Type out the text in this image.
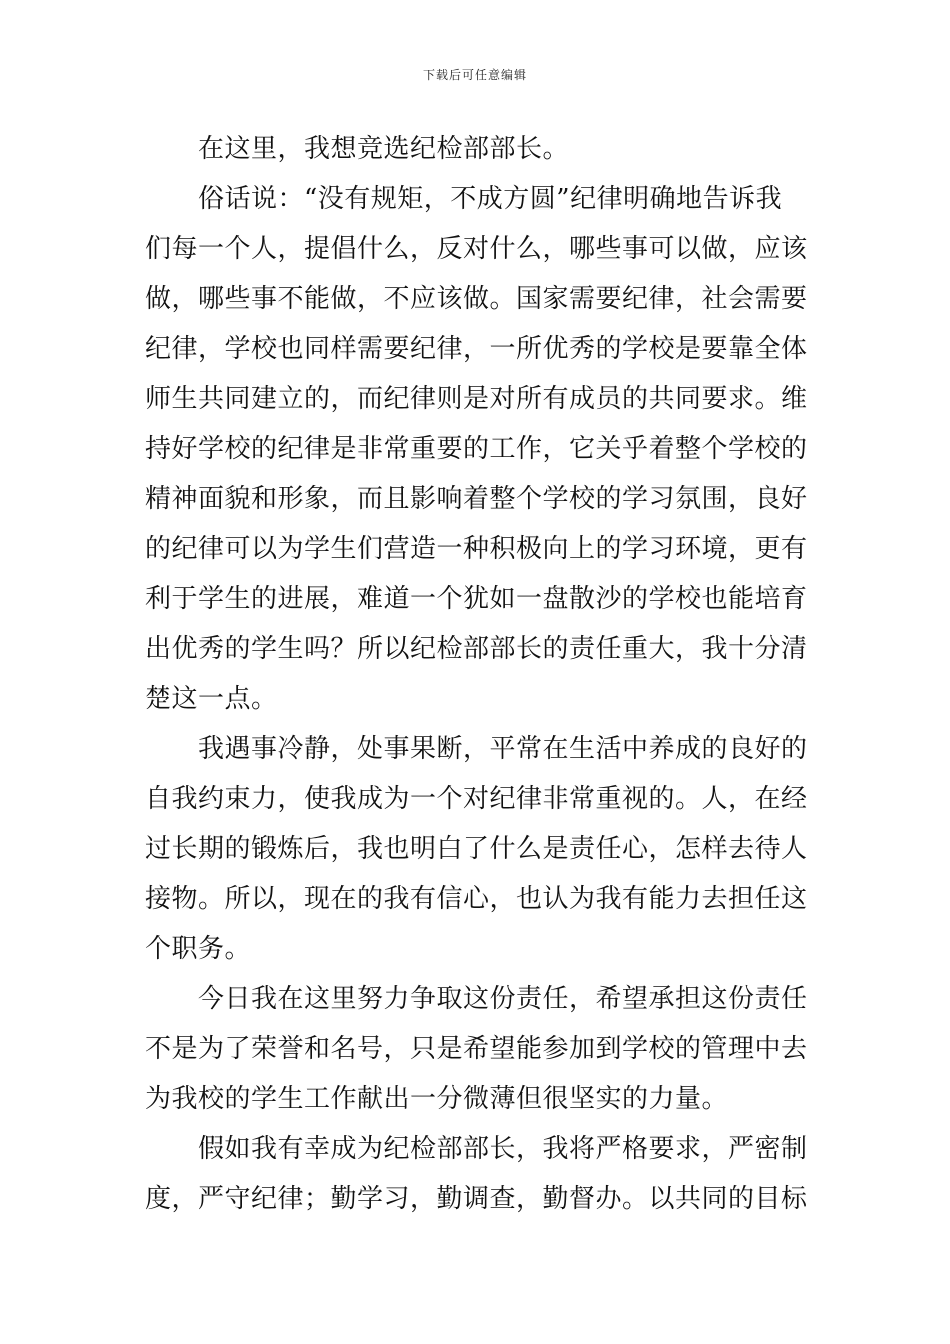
下载后可任意编辑
　　在这里，我想竞选纪检部部长。
　　俗话说：“没有规矩，不成方圆”纪律明确地告诉我
们每一个人，提倡什么，反对什么，哪些事可以做，应该
做，哪些事不能做，不应该做。国家需要纪律，社会需要
纪律，学校也同样需要纪律，一所优秀的学校是要靠全体
师生共同建立的，而纪律则是对所有成员的共同要求。维
持好学校的纪律是非常重要的工作，它关乎着整个学校的
精神面貌和形象，而且影响着整个学校的学习氛围，良好
的纪律可以为学生们营造一种积极向上的学习环境，更有
利于学生的进展，难道一个犹如一盘散沙的学校也能培育
出优秀的学生吗？所以纪检部部长的责任重大，我十分清
楚这一点。
　　我遇事冷静，处事果断，平常在生活中养成的良好的
自我约束力，使我成为一个对纪律非常重视的。人，在经
过长期的锻炼后，我也明白了什么是责任心，怎样去待人
接物。所以，现在的我有信心，也认为我有能力去担任这
个职务。
　　今日我在这里努力争取这份责任，希望承担这份责任
不是为了荣誉和名号，只是希望能参加到学校的管理中去
为我校的学生工作献出一分微薄但很坚实的力量。
　　假如我有幸成为纪检部部长，我将严格要求，严密制
度，严守纪律；勤学习，勤调查，勤督办。以共同的目标
